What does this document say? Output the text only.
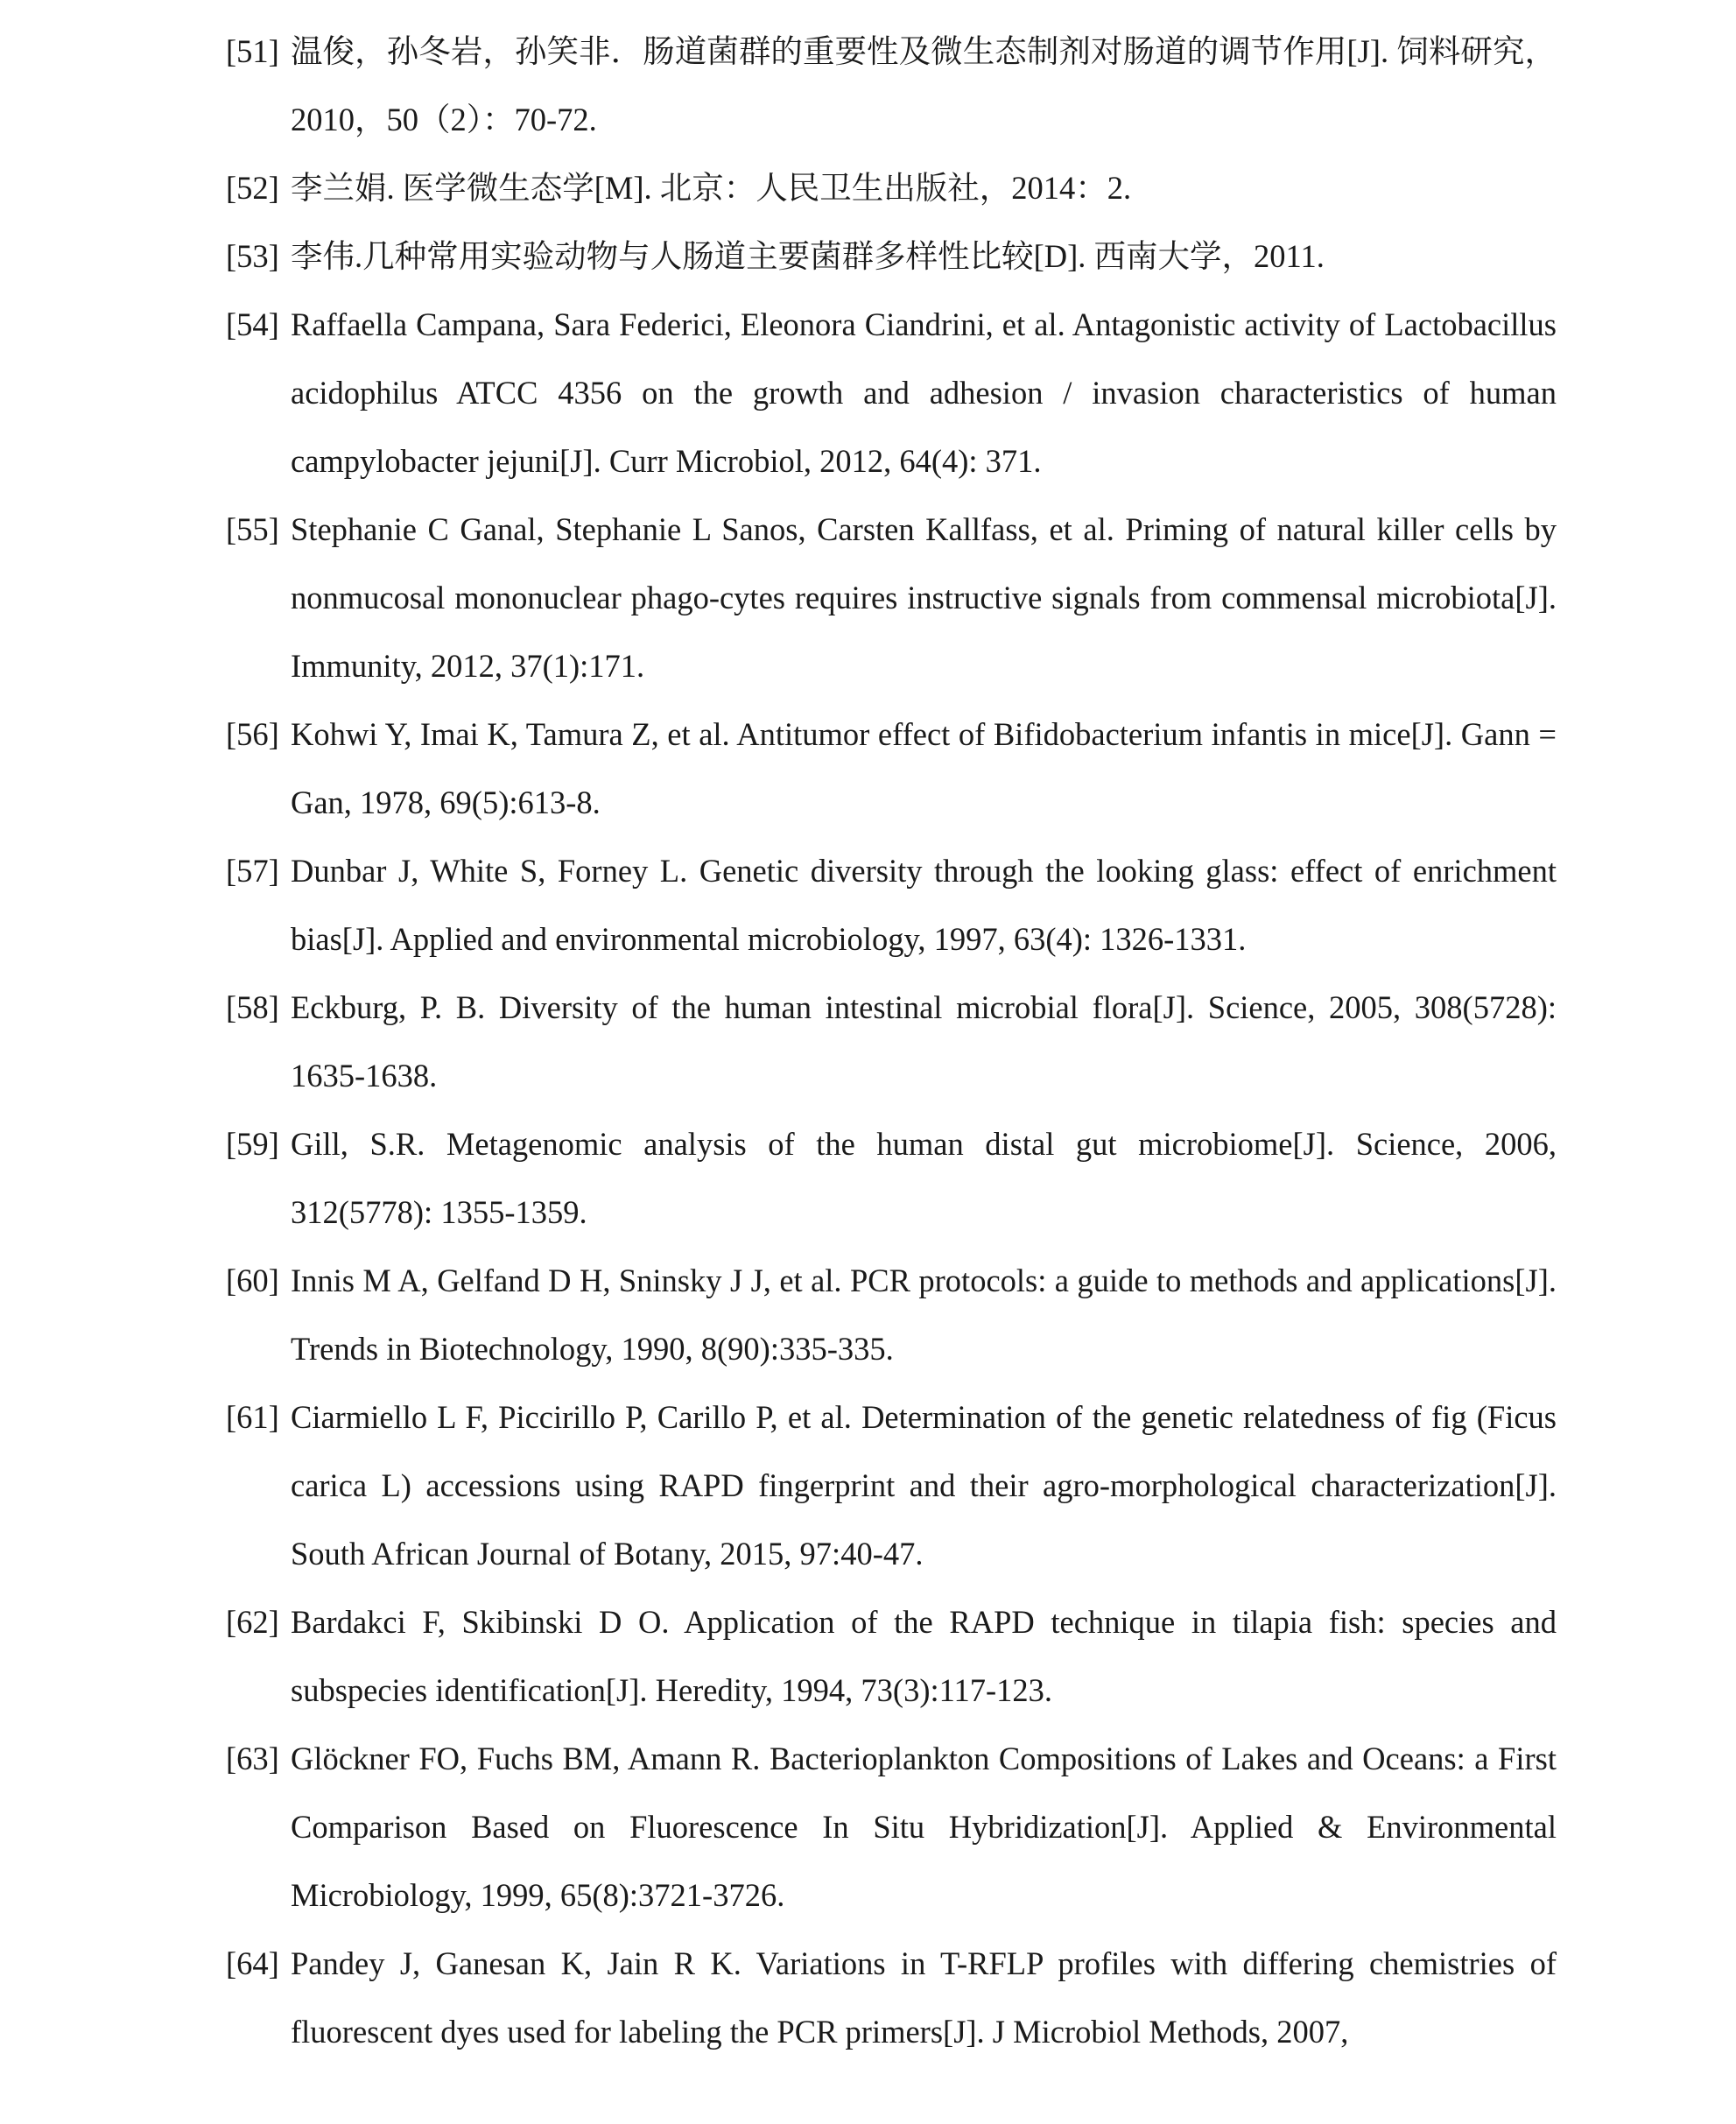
[51] 温俊，孙冬岩，孙笑非．肠道菌群的重要性及微生态制剂对肠道的调节作用[J]. 饲料研究，2010，50（2）：70-72.
[52] 李兰娟. 医学微生态学[M]. 北京：人民卫生出版社，2014：2.
[53] 李伟.几种常用实验动物与人肠道主要菌群多样性比较[D]. 西南大学，2011.
[54] Raffaella Campana, Sara Federici, Eleonora Ciandrini, et al. Antagonistic activity of Lactobacillus acidophilus ATCC 4356 on the growth and adhesion / invasion characteristics of human campylobacter jejuni[J]. Curr Microbiol, 2012, 64(4): 371.
[55] Stephanie C Ganal, Stephanie L Sanos, Carsten Kallfass, et al. Priming of natural killer cells by nonmucosal mononuclear phago-cytes requires instructive signals from commensal microbiota[J]. Immunity, 2012, 37(1):171.
[56] Kohwi Y, Imai K, Tamura Z, et al. Antitumor effect of Bifidobacterium infantis in mice[J]. Gann = Gan, 1978, 69(5):613-8.
[57] Dunbar J, White S, Forney L. Genetic diversity through the looking glass: effect of enrichment bias[J]. Applied and environmental microbiology, 1997, 63(4): 1326-1331.
[58] Eckburg, P. B. Diversity of the human intestinal microbial flora[J]. Science, 2005, 308(5728): 1635-1638.
[59] Gill, S.R. Metagenomic analysis of the human distal gut microbiome[J]. Science, 2006, 312(5778): 1355-1359.
[60] Innis M A, Gelfand D H, Sninsky J J, et al. PCR protocols: a guide to methods and applications[J]. Trends in Biotechnology, 1990, 8(90):335-335.
[61] Ciarmiello L F, Piccirillo P, Carillo P, et al. Determination of the genetic relatedness of fig (Ficus carica L) accessions using RAPD fingerprint and their agro-morphological characterization[J]. South African Journal of Botany, 2015, 97:40-47.
[62] Bardakci F, Skibinski D O. Application of the RAPD technique in tilapia fish: species and subspecies identification[J]. Heredity, 1994, 73(3):117-123.
[63] Glöckner FO, Fuchs BM, Amann R. Bacterioplankton Compositions of Lakes and Oceans: a First Comparison Based on Fluorescence In Situ Hybridization[J]. Applied & Environmental Microbiology, 1999, 65(8):3721-3726.
[64] Pandey J, Ganesan K, Jain R K. Variations in T-RFLP profiles with differing chemistries of fluorescent dyes used for labeling the PCR primers[J]. J Microbiol Methods, 2007,
